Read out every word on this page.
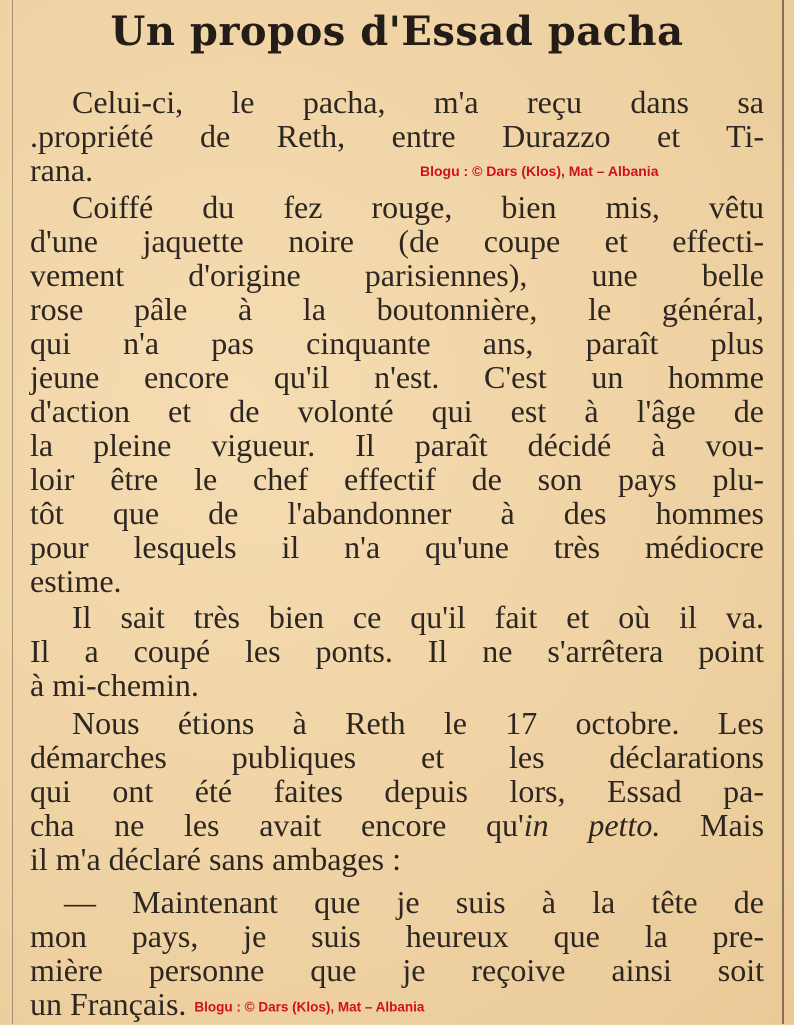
Un propos d'Essad pacha
Celui-ci, le pacha, m'a reçu dans sa
.propriété de Reth, entre Durazzo et Ti-
rana.	Blogu : © Dars (Klos), Mat – Albania
Coiffé du fez rouge, bien mis, vêtu
d'une jaquette noire (de coupe et effecti-
vement d'origine parisiennes), une belle
rose pâle à la boutonnière, le général,
qui n'a pas cinquante ans, paraît plus
jeune encore qu'il n'est. C'est un homme
d'action et de volonté qui est à l'âge de
la pleine vigueur. Il paraît décidé à vou-
loir être le chef effectif de son pays plu-
tôt que de l'abandonner à des hommes
pour lesquels il n'a qu'une très médiocre
estime.
Il sait très bien ce qu'il fait et où il va.
Il a coupé les ponts. Il ne s'arrêtera point
à mi-chemin.
Nous étions à Reth le 17 octobre. Les
démarches publiques et les déclarations
qui ont été faites depuis lors, Essad pa-
cha ne les avait encore qu'in petto. Mais
il m'a déclaré sans ambages :
— Maintenant que je suis à la tête de
mon pays, je suis heureux que la pre-
mière personne que je reçoive ainsi soit
un Français. Blogu : © Dars (Klos), Mat – Albania
